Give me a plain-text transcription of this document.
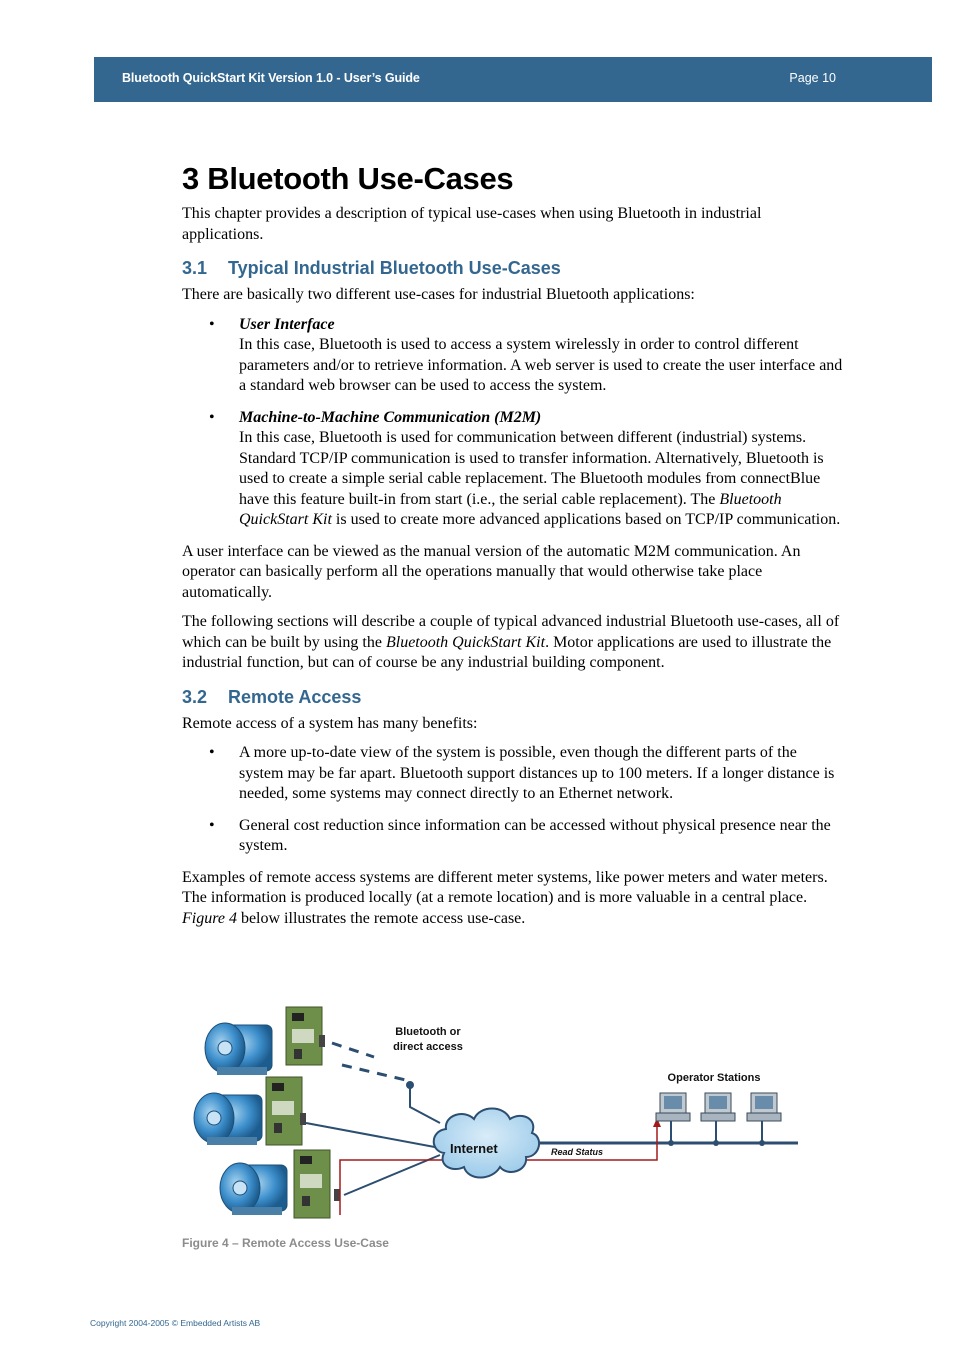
Bluetooth QuickStart Kit Version 1.0 - User’s Guide	Page 10
3 Bluetooth Use-Cases

This chapter provides a description of typical use-cases when using Bluetooth in industrial applications.

3.1 Typical Industrial Bluetooth Use-Cases

There are basically two different use-cases for industrial Bluetooth applications:

• User Interface
In this case, Bluetooth is used to access a system wirelessly in order to control different parameters and/or to retrieve information. A web server is used to create the user interface and a standard web browser can be used to access the system.
• Machine-to-Machine Communication (M2M)
In this case, Bluetooth is used for communication between different (industrial) systems. Standard TCP/IP communication is used to transfer information. Alternatively, Bluetooth is used to create a simple serial cable replacement. The Bluetooth modules from connectBlue have this feature built-in from start (i.e., the serial cable replacement). The Bluetooth QuickStart Kit is used to create more advanced applications based on TCP/IP communication.

A user interface can be viewed as the manual version of the automatic M2M communication. An operator can basically perform all the operations manually that would otherwise take place automatically.

The following sections will describe a couple of typical advanced industrial Bluetooth use-cases, all of which can be built by using the Bluetooth QuickStart Kit. Motor applications are used to illustrate the industrial function, but can of course be any industrial building component.

3.2 Remote Access

Remote access of a system has many benefits:

• A more up-to-date view of the system is possible, even though the different parts of the system may be far apart. Bluetooth support distances up to 100 meters. If a longer distance is needed, some systems may connect directly to an Ethernet network.
• General cost reduction since information can be accessed without physical presence near the system.

Examples of remote access systems are different meter systems, like power meters and water meters. The information is produced locally (at a remote location) and is more valuable in a central place. Figure 4 below illustrates the remote access use-case.

Internet
Bluetooth or
direct access
Operator Stations
Read Status
Figure 4 – Remote Access Use-Case
Copyright 2004-2005 © Embedded Artists AB
